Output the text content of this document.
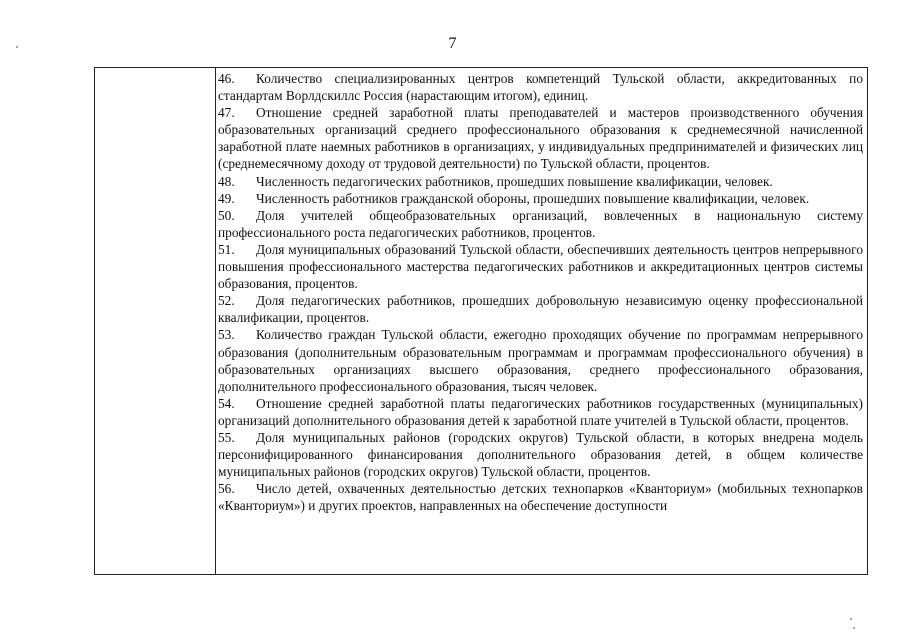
7

46. Количество специализированных центров компетенций Тульской области, аккредитованных по стандартам Ворлдскиллс Россия (нарастающим итогом), единиц.

47. Отношение средней заработной платы преподавателей и мастеров производственного обучения образовательных организаций среднего профессионального образования к среднемесячной начисленной заработной плате наемных работников в организациях, у индивидуальных предпринимателей и физических лиц (среднемесячному доходу от трудовой деятельности) по Тульской области, процентов.

48. Численность педагогических работников, прошедших повышение квалификации, человек.

49. Численность работников гражданской обороны, прошедших повышение квалификации, человек.

50. Доля учителей общеобразовательных организаций, вовлеченных в национальную систему профессионального роста педагогических работников, процентов.

51. Доля муниципальных образований Тульской области, обеспечивших деятельность центров непрерывного повышения профессионального мастерства педагогических работников и аккредитационных центров системы образования, процентов.

52. Доля педагогических работников, прошедших добровольную независимую оценку профессиональной квалификации, процентов.

53. Количество граждан Тульской области, ежегодно проходящих обучение по программам непрерывного образования (дополнительным образовательным программам и программам профессионального обучения) в образовательных организациях высшего образования, среднего профессионального образования, дополнительного профессионального образования, тысяч человек.

54. Отношение средней заработной платы педагогических работников государственных (муниципальных) организаций дополнительного образования детей к заработной плате учителей в Тульской области, процентов.

55. Доля муниципальных районов (городских округов) Тульской области, в которых внедрена модель персонифицированного финансирования дополнительного образования детей, в общем количестве муниципальных районов (городских округов) Тульской области, процентов.

56. Число детей, охваченных деятельностью детских технопарков «Кванториум» (мобильных технопарков «Кванториум») и других проектов, направленных на обеспечение доступности
